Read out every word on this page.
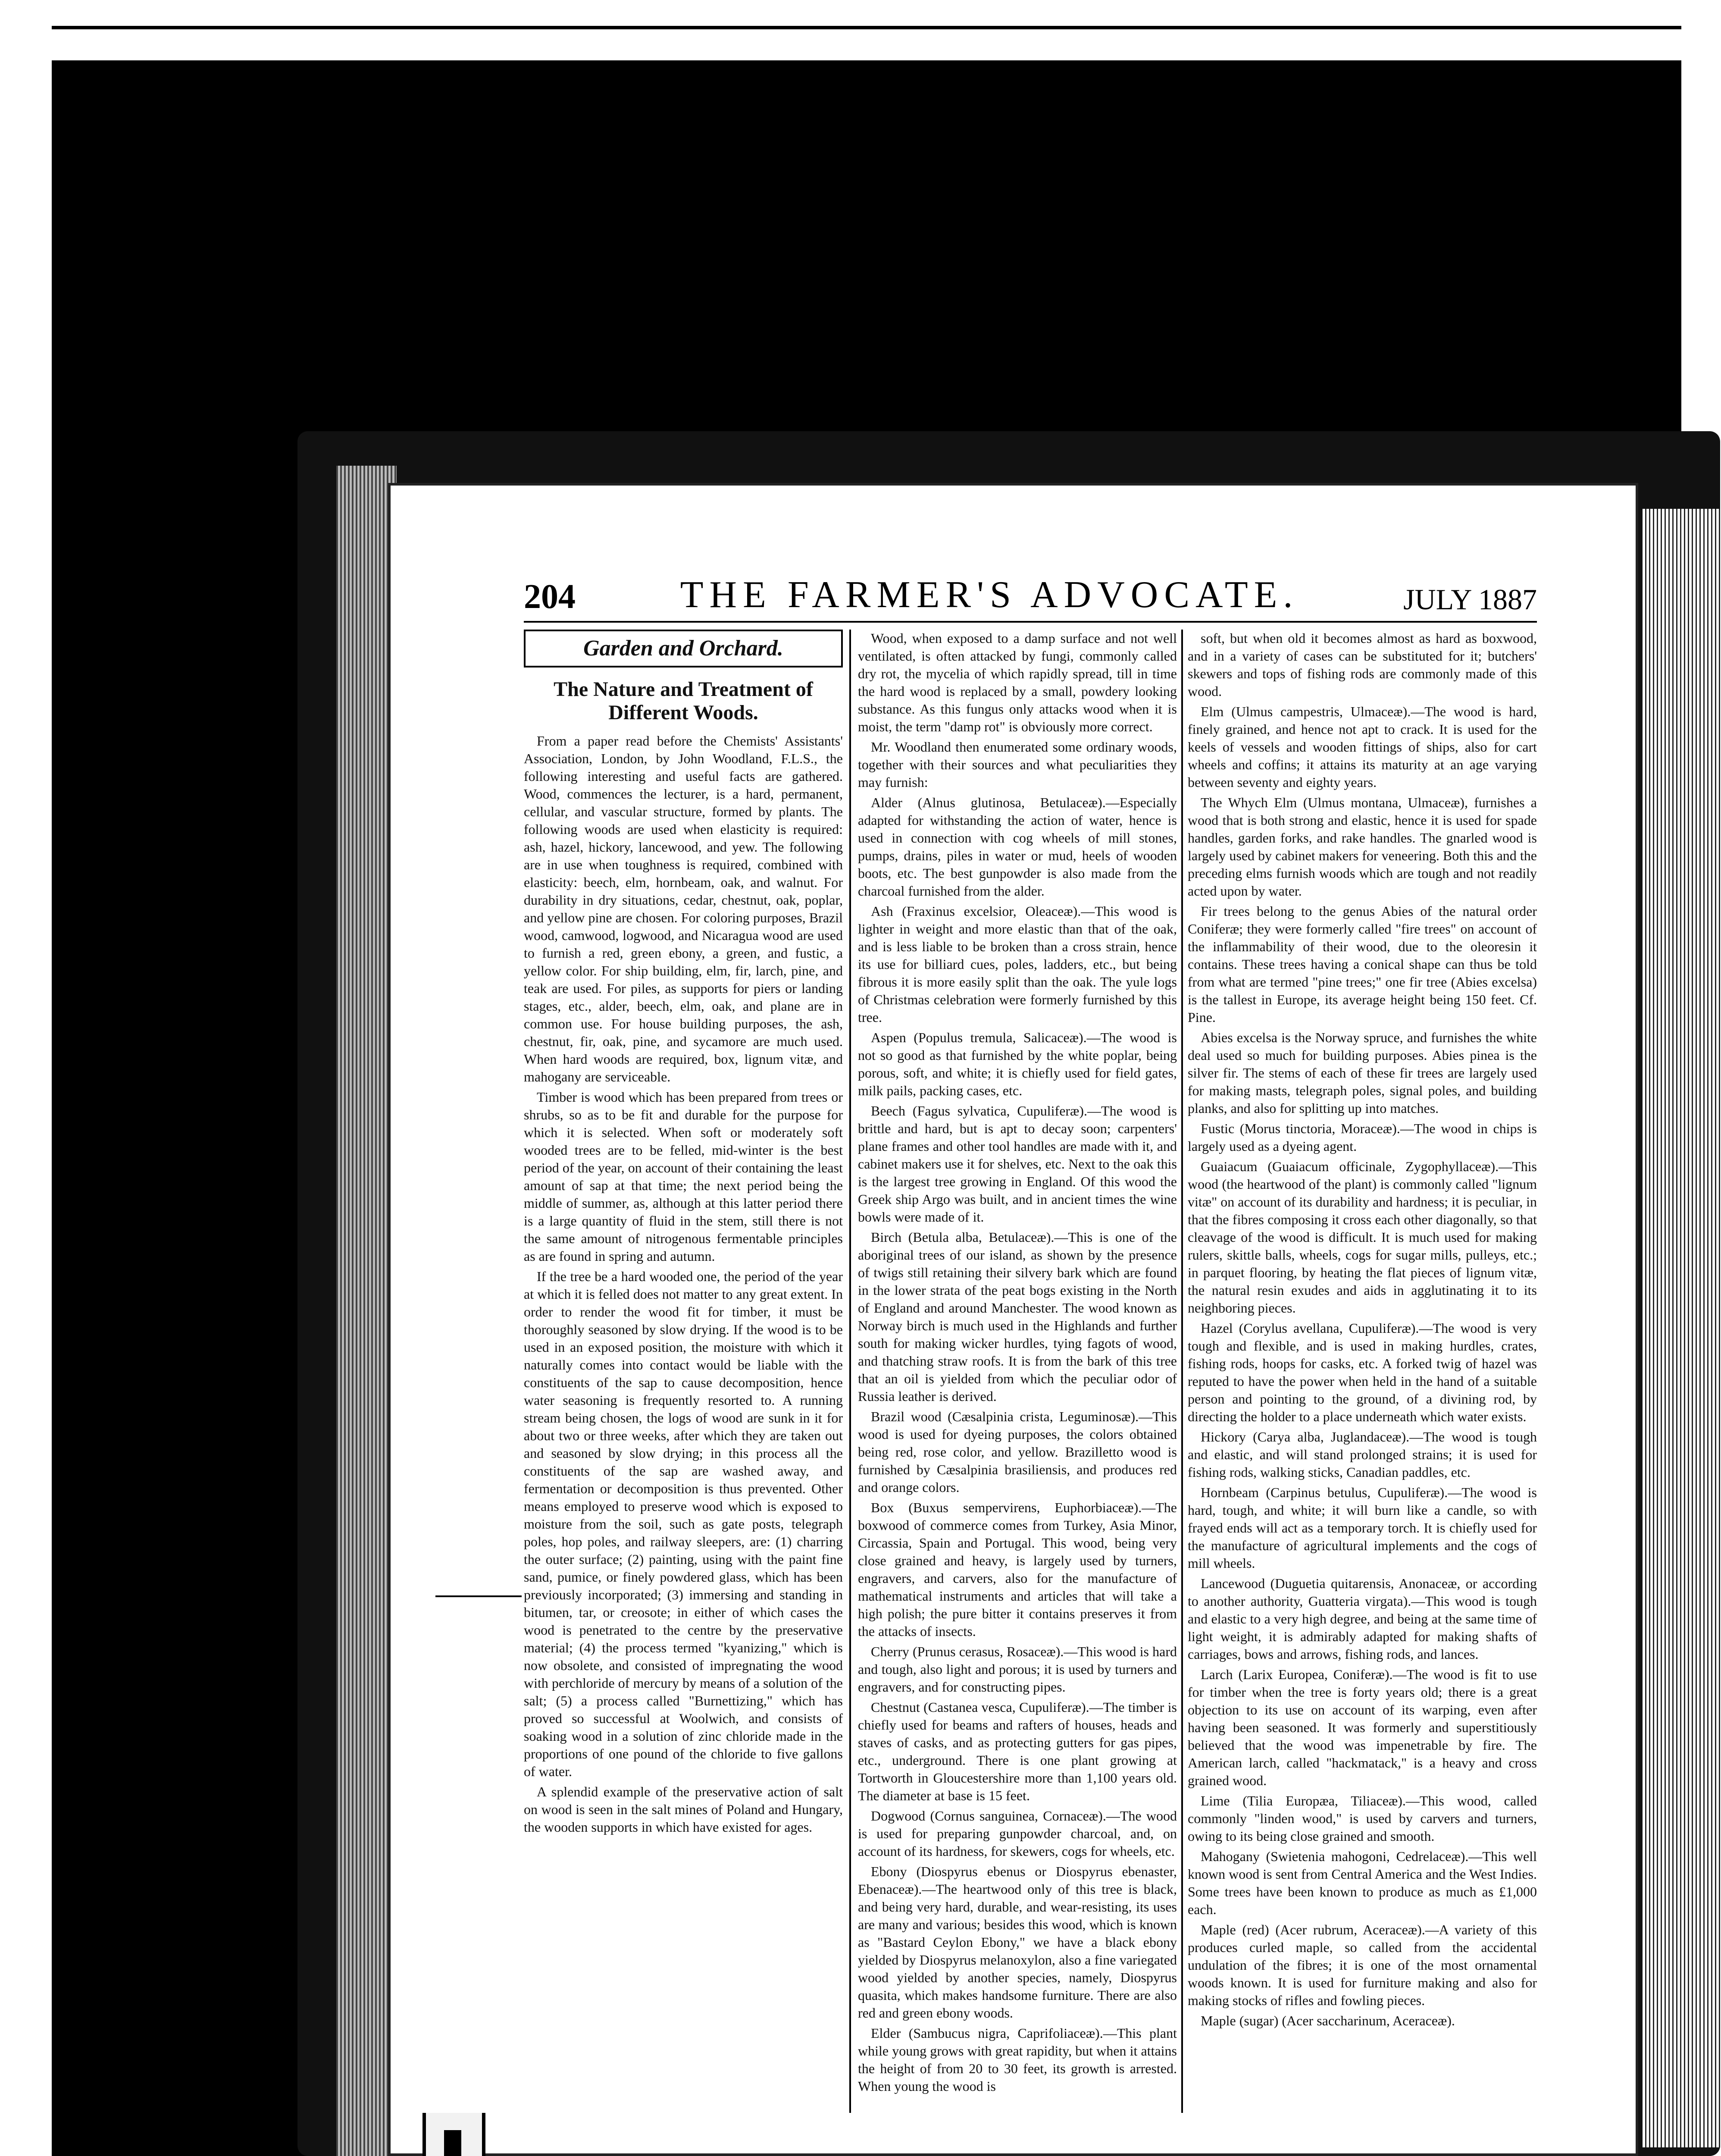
204	THE FARMER'S ADVOCATE.	JULY 1887
Garden and Orchard.
The Nature and Treatment of Different Woods.

From a paper read before the Chemists' Assistants' Association, London, by John Woodland, F.L.S., the following interesting and useful facts are gathered. Wood, commences the lecturer, is a hard, permanent, cellular, and vascular structure, formed by plants. The following woods are used when elasticity is required: ash, hazel, hickory, lancewood, and yew. The following are in use when toughness is required, combined with elasticity: beech, elm, hornbeam, oak, and walnut. For durability in dry situations, cedar, chestnut, oak, poplar, and yellow pine are chosen. For coloring purposes, Brazil wood, camwood, logwood, and Nicaragua wood are used to furnish a red, green ebony, a green, and fustic, a yellow color. For ship building, elm, fir, larch, pine, and teak are used. For piles, as supports for piers or landing stages, etc., alder, beech, elm, oak, and plane are in common use. For house building purposes, the ash, chestnut, fir, oak, pine, and sycamore are much used. When hard woods are required, box, lignum vitæ, and mahogany are serviceable.

Timber is wood which has been prepared from trees or shrubs, so as to be fit and durable for the purpose for which it is selected. When soft or moderately soft wooded trees are to be felled, mid-winter is the best period of the year, on account of their containing the least amount of sap at that time; the next period being the middle of summer, as, although at this latter period there is a large quantity of fluid in the stem, still there is not the same amount of nitrogenous fermentable principles as are found in spring and autumn.

If the tree be a hard wooded one, the period of the year at which it is felled does not matter to any great extent. In order to render the wood fit for timber, it must be thoroughly seasoned by slow drying. If the wood is to be used in an exposed position, the moisture with which it naturally comes into contact would be liable with the constituents of the sap to cause decomposition, hence water seasoning is frequently resorted to. A running stream being chosen, the logs of wood are sunk in it for about two or three weeks, after which they are taken out and seasoned by slow drying; in this process all the constituents of the sap are washed away, and fermentation or decomposition is thus prevented. Other means employed to preserve wood which is exposed to moisture from the soil, such as gate posts, telegraph poles, hop poles, and railway sleepers, are: (1) charring the outer surface; (2) painting, using with the paint fine sand, pumice, or finely powdered glass, which has been previously incorporated; (3) immersing and standing in bitumen, tar, or creosote; in either of which cases the wood is penetrated to the centre by the preservative material; (4) the process termed "kyanizing," which is now obsolete, and consisted of impregnating the wood with perchloride of mercury by means of a solution of the salt; (5) a process called "Burnettizing," which has proved so successful at Woolwich, and consists of soaking wood in a solution of zinc chloride made in the proportions of one pound of the chloride to five gallons of water.

A splendid example of the preservative action of salt on wood is seen in the salt mines of Poland and Hungary, the wooden supports in which have existed for ages.

Wood, when exposed to a damp surface and not well ventilated, is often attacked by fungi, commonly called dry rot, the mycelia of which rapidly spread, till in time the hard wood is replaced by a small, powdery looking substance. As this fungus only attacks wood when it is moist, the term "damp rot" is obviously more correct.

Mr. Woodland then enumerated some ordinary woods, together with their sources and what peculiarities they may furnish:

Alder (Alnus glutinosa, Betulaceæ).—Especially adapted for withstanding the action of water, hence is used in connection with cog wheels of mill stones, pumps, drains, piles in water or mud, heels of wooden boots, etc. The best gunpowder is also made from the charcoal furnished from the alder.

Ash (Fraxinus excelsior, Oleaceæ).—This wood is lighter in weight and more elastic than that of the oak, and is less liable to be broken than a cross strain, hence its use for billiard cues, poles, ladders, etc., but being fibrous it is more easily split than the oak. The yule logs of Christmas celebration were formerly furnished by this tree.

Aspen (Populus tremula, Salicaceæ).—The wood is not so good as that furnished by the white poplar, being porous, soft, and white; it is chiefly used for field gates, milk pails, packing cases, etc.

Beech (Fagus sylvatica, Cupuliferæ).—The wood is brittle and hard, but is apt to decay soon; carpenters' plane frames and other tool handles are made with it, and cabinet makers use it for shelves, etc. Next to the oak this is the largest tree growing in England. Of this wood the Greek ship Argo was built, and in ancient times the wine bowls were made of it.

Birch (Betula alba, Betulaceæ).—This is one of the aboriginal trees of our island, as shown by the presence of twigs still retaining their silvery bark which are found in the lower strata of the peat bogs existing in the North of England and around Manchester. The wood known as Norway birch is much used in the Highlands and further south for making wicker hurdles, tying fagots of wood, and thatching straw roofs. It is from the bark of this tree that an oil is yielded from which the peculiar odor of Russia leather is derived.

Brazil wood (Cæsalpinia crista, Leguminosæ).—This wood is used for dyeing purposes, the colors obtained being red, rose color, and yellow. Brazilletto wood is furnished by Cæsalpinia brasiliensis, and produces red and orange colors.

Box (Buxus sempervirens, Euphorbiaceæ).—The boxwood of commerce comes from Turkey, Asia Minor, Circassia, Spain and Portugal. This wood, being very close grained and heavy, is largely used by turners, engravers, and carvers, also for the manufacture of mathematical instruments and articles that will take a high polish; the pure bitter it contains preserves it from the attacks of insects.

Cherry (Prunus cerasus, Rosaceæ).—This wood is hard and tough, also light and porous; it is used by turners and engravers, and for constructing pipes.

Chestnut (Castanea vesca, Cupuliferæ).—The timber is chiefly used for beams and rafters of houses, heads and staves of casks, and as protecting gutters for gas pipes, etc., underground. There is one plant growing at Tortworth in Gloucestershire more than 1,100 years old. The diameter at base is 15 feet.

Dogwood (Cornus sanguinea, Cornaceæ).—The wood is used for preparing gunpowder charcoal, and, on account of its hardness, for skewers, cogs for wheels, etc.

Ebony (Diospyrus ebenus or Diospyrus ebenaster, Ebenaceæ).—The heartwood only of this tree is black, and being very hard, durable, and wear-resisting, its uses are many and various; besides this wood, which is known as "Bastard Ceylon Ebony," we have a black ebony yielded by Diospyrus melanoxylon, also a fine variegated wood yielded by another species, namely, Diospyrus quasita, which makes handsome furniture. There are also red and green ebony woods.

Elder (Sambucus nigra, Caprifoliaceæ).—This plant while young grows with great rapidity, but when it attains the height of from 20 to 30 feet, its growth is arrested. When young the wood is

soft, but when old it becomes almost as hard as boxwood, and in a variety of cases can be substituted for it; butchers' skewers and tops of fishing rods are commonly made of this wood.

Elm (Ulmus campestris, Ulmaceæ).—The wood is hard, finely grained, and hence not apt to crack. It is used for the keels of vessels and wooden fittings of ships, also for cart wheels and coffins; it attains its maturity at an age varying between seventy and eighty years.

The Whych Elm (Ulmus montana, Ulmaceæ), furnishes a wood that is both strong and elastic, hence it is used for spade handles, garden forks, and rake handles. The gnarled wood is largely used by cabinet makers for veneering. Both this and the preceding elms furnish woods which are tough and not readily acted upon by water.

Fir trees belong to the genus Abies of the natural order Coniferæ; they were formerly called "fire trees" on account of the inflammability of their wood, due to the oleoresin it contains. These trees having a conical shape can thus be told from what are termed "pine trees;" one fir tree (Abies excelsa) is the tallest in Europe, its average height being 150 feet. Cf. Pine.

Abies excelsa is the Norway spruce, and furnishes the white deal used so much for building purposes. Abies pinea is the silver fir. The stems of each of these fir trees are largely used for making masts, telegraph poles, signal poles, and building planks, and also for splitting up into matches.

Fustic (Morus tinctoria, Moraceæ).—The wood in chips is largely used as a dyeing agent.

Guaiacum (Guaiacum officinale, Zygophyllaceæ).—This wood (the heartwood of the plant) is commonly called "lignum vitæ" on account of its durability and hardness; it is peculiar, in that the fibres composing it cross each other diagonally, so that cleavage of the wood is difficult. It is much used for making rulers, skittle balls, wheels, cogs for sugar mills, pulleys, etc.; in parquet flooring, by heating the flat pieces of lignum vitæ, the natural resin exudes and aids in agglutinating it to its neighboring pieces.

Hazel (Corylus avellana, Cupuliferæ).—The wood is very tough and flexible, and is used in making hurdles, crates, fishing rods, hoops for casks, etc. A forked twig of hazel was reputed to have the power when held in the hand of a suitable person and pointing to the ground, of a divining rod, by directing the holder to a place underneath which water exists.

Hickory (Carya alba, Juglandaceæ).—The wood is tough and elastic, and will stand prolonged strains; it is used for fishing rods, walking sticks, Canadian paddles, etc.

Hornbeam (Carpinus betulus, Cupuliferæ).—The wood is hard, tough, and white; it will burn like a candle, so with frayed ends will act as a temporary torch. It is chiefly used for the manufacture of agricultural implements and the cogs of mill wheels.

Lancewood (Duguetia quitarensis, Anonaceæ, or according to another authority, Guatteria virgata).—This wood is tough and elastic to a very high degree, and being at the same time of light weight, it is admirably adapted for making shafts of carriages, bows and arrows, fishing rods, and lances.

Larch (Larix Europea, Coniferæ).—The wood is fit to use for timber when the tree is forty years old; there is a great objection to its use on account of its warping, even after having been seasoned. It was formerly and superstitiously believed that the wood was impenetrable by fire. The American larch, called "hackmatack," is a heavy and cross grained wood.

Lime (Tilia Europæa, Tiliaceæ).—This wood, called commonly "linden wood," is used by carvers and turners, owing to its being close grained and smooth.

Mahogany (Swietenia mahogoni, Cedrelaceæ).—This well known wood is sent from Central America and the West Indies. Some trees have been known to produce as much as £1,000 each.

Maple (red) (Acer rubrum, Aceraceæ).—A variety of this produces curled maple, so called from the accidental undulation of the fibres; it is one of the most ornamental woods known. It is used for furniture making and also for making stocks of rifles and fowling pieces.

Maple (sugar) (Acer saccharinum, Aceraceæ).
